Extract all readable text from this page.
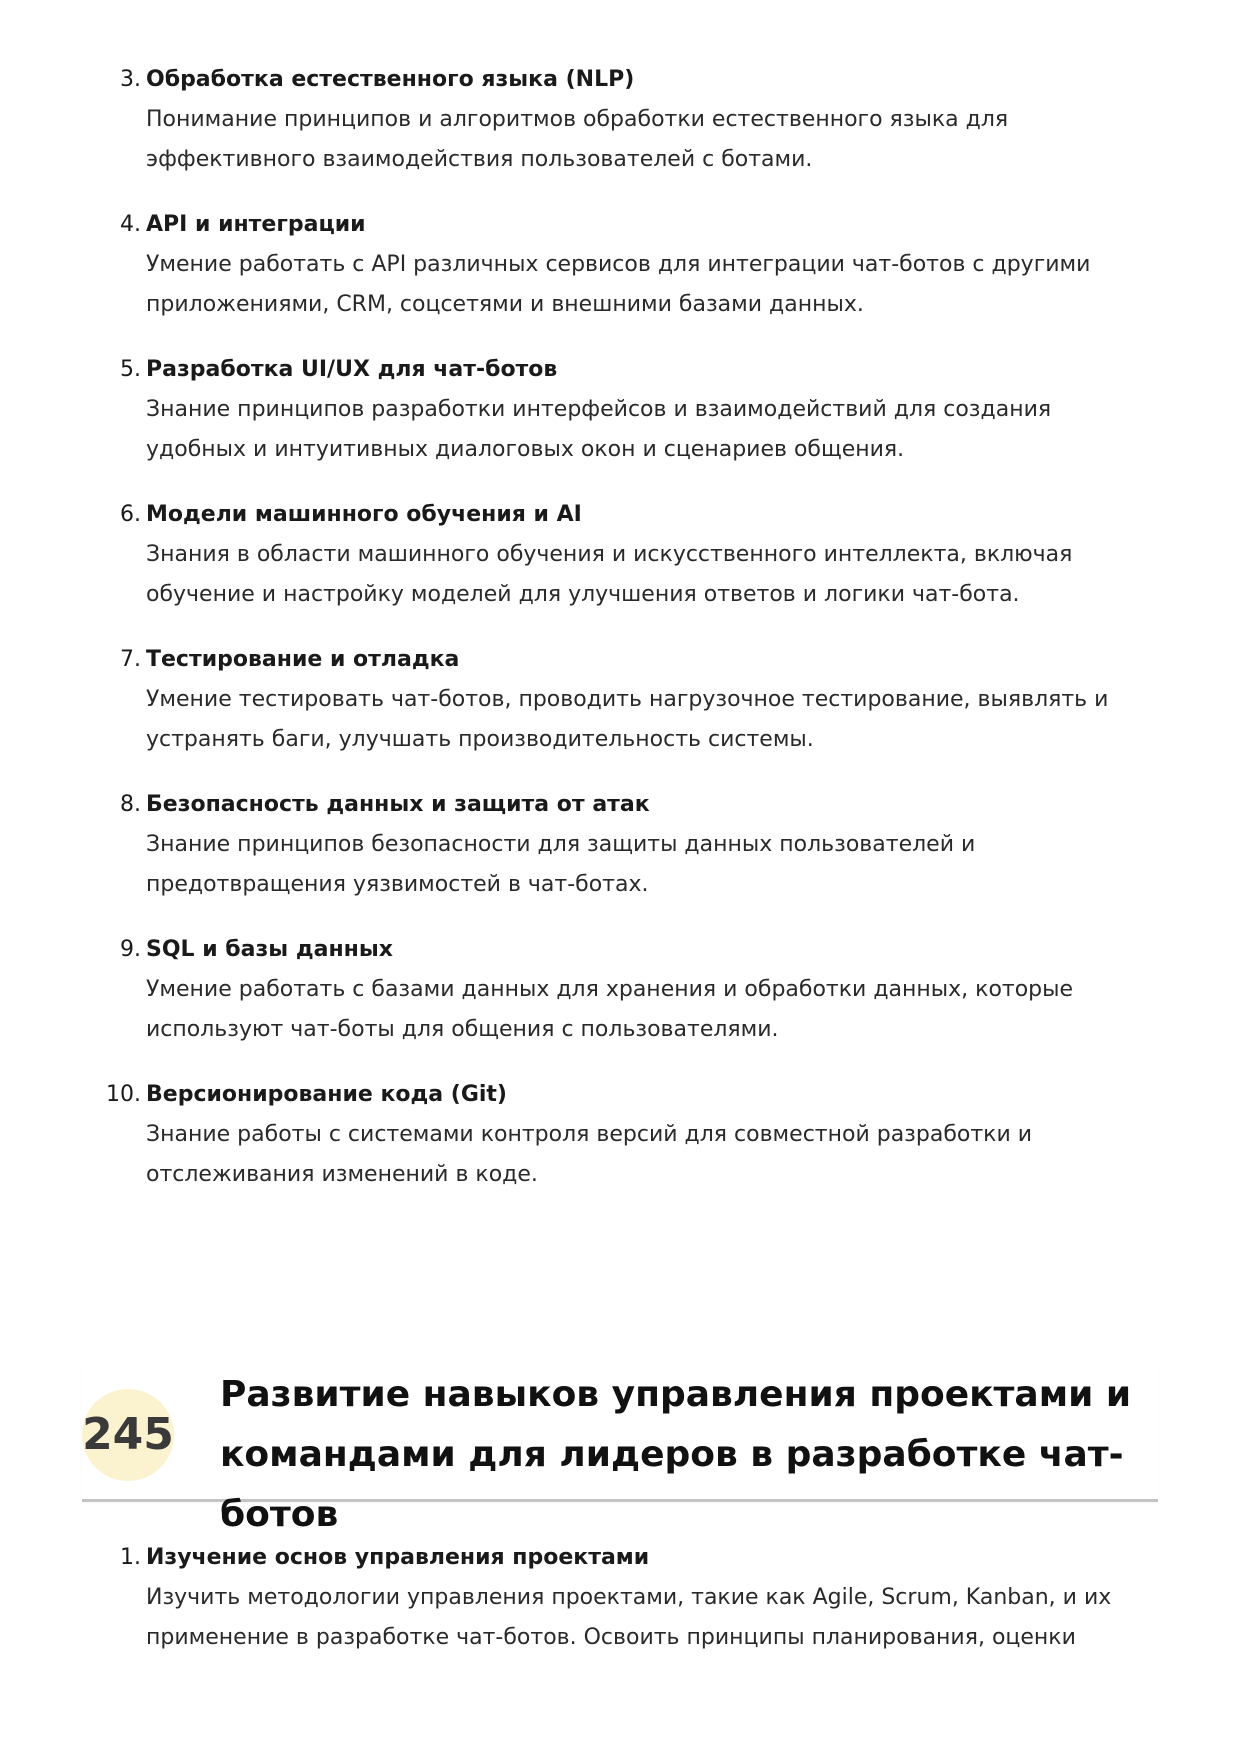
3. Обработка естественного языка (NLP)
Понимание принципов и алгоритмов обработки естественного языка для эффективного взаимодействия пользователей с ботами.
4. API и интеграции
Умение работать с API различных сервисов для интеграции чат-ботов с другими приложениями, CRM, соцсетями и внешними базами данных.
5. Разработка UI/UX для чат-ботов
Знание принципов разработки интерфейсов и взаимодействий для создания удобных и интуитивных диалоговых окон и сценариев общения.
6. Модели машинного обучения и AI
Знания в области машинного обучения и искусственного интеллекта, включая обучение и настройку моделей для улучшения ответов и логики чат-бота.
7. Тестирование и отладка
Умение тестировать чат-ботов, проводить нагрузочное тестирование, выявлять и устранять баги, улучшать производительность системы.
8. Безопасность данных и защита от атак
Знание принципов безопасности для защиты данных пользователей и предотвращения уязвимостей в чат-ботах.
9. SQL и базы данных
Умение работать с базами данных для хранения и обработки данных, которые используют чат-боты для общения с пользователями.
10. Версионирование кода (Git)
Знание работы с системами контроля версий для совместной разработки и отслеживания изменений в коде.
245
Развитие навыков управления проектами и командами для лидеров в разработке чат-ботов
1. Изучение основ управления проектами
Изучить методологии управления проектами, такие как Agile, Scrum, Kanban, и их применение в разработке чат-ботов. Освоить принципы планирования, оценки
